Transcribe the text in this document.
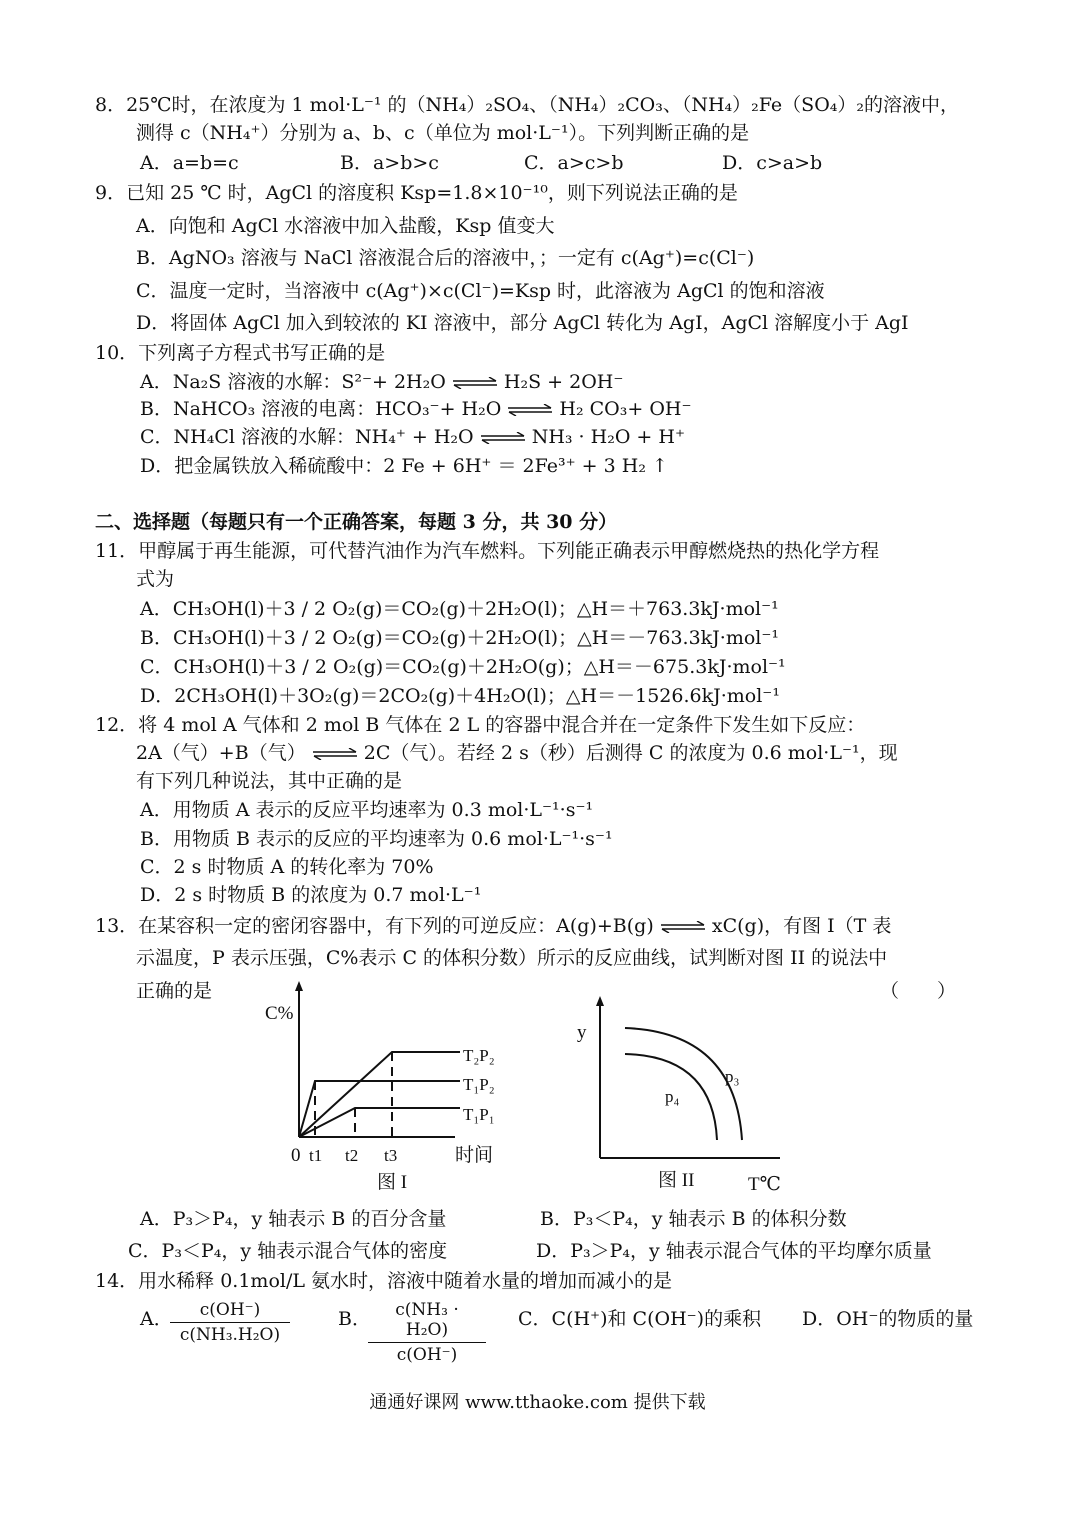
8．25℃时，在浓度为 1 mol·L⁻¹ 的（NH₄）₂SO₄、（NH₄）₂CO₃、（NH₄）₂Fe（SO₄）₂的溶液中，
测得 c（NH₄⁺）分别为 a、b、c（单位为 mol·L⁻¹）。下列判断正确的是
A．a=b=c	B．a>b>c	C．a>c>b	D．c>a>b
9．已知 25 ℃ 时，AgCl 的溶度积 Ksp=1.8×10⁻¹⁰，则下列说法正确的是
A．向饱和 AgCl 水溶液中加入盐酸，Ksp 值变大
B．AgNO₃ 溶液与 NaCl 溶液混合后的溶液中，；一定有 c(Ag⁺)=c(Cl⁻)
C．温度一定时，当溶液中 c(Ag⁺)×c(Cl⁻)=Ksp 时，此溶液为 AgCl 的饱和溶液
D．将固体 AgCl 加入到较浓的 KI 溶液中，部分 AgCl 转化为 AgI，AgCl 溶解度小于 AgI
10．下列离子方程式书写正确的是
A．Na₂S 溶液的水解：S²⁻+ 2H₂O ⇌ H₂S + 2OH⁻
B．NaHCO₃ 溶液的电离：HCO₃⁻+ H₂O ⇌ H₂ CO₃+ OH⁻
C．NH₄Cl 溶液的水解：NH₄⁺ + H₂O ⇌ NH₃ · H₂O + H⁺
D．把金属铁放入稀硫酸中：2 Fe + 6H⁺ ＝ 2Fe³⁺ + 3 H₂ ↑
二、选择题（每题只有一个正确答案，每题 3 分，共 30 分）
11．甲醇属于再生能源，可代替汽油作为汽车燃料。下列能正确表示甲醇燃烧热的热化学方程
式为
A．CH₃OH(l)＋3 / 2 O₂(g)＝CO₂(g)＋2H₂O(l)；△H＝＋763.3kJ·mol⁻¹
B．CH₃OH(l)＋3 / 2 O₂(g)＝CO₂(g)＋2H₂O(l)；△H＝－763.3kJ·mol⁻¹
C．CH₃OH(l)＋3 / 2 O₂(g)＝CO₂(g)＋2H₂O(g)；△H＝－675.3kJ·mol⁻¹
D．2CH₃OH(l)＋3O₂(g)＝2CO₂(g)＋4H₂O(l)；△H＝－1526.6kJ·mol⁻¹
12．将 4 mol A 气体和 2 mol B 气体在 2 L 的容器中混合并在一定条件下发生如下反应：
2A（气）+B（气） ⇌ 2C（气）。若经 2 s（秒）后测得 C 的浓度为 0.6 mol·L⁻¹，现
有下列几种说法，其中正确的是
A．用物质 A 表示的反应平均速率为 0.3 mol·L⁻¹·s⁻¹
B．用物质 B 表示的反应的平均速率为 0.6 mol·L⁻¹·s⁻¹
C．2 s 时物质 A 的转化率为 70%
D．2 s 时物质 B 的浓度为 0.7 mol·L⁻¹
13．在某容积一定的密闭容器中，有下列的可逆反应：A(g)+B(g) ⇌ xC(g)，有图 I（T 表
示温度，P 表示压强，C%表示 C 的体积分数）所示的反应曲线，试判断对图 II 的说法中
正确的是	（　　）
C%
0 t1 t2 t3	时间
T₂P₂
T₁P₂
T₁P₁
图 I
y
p₃
p₄
图 II	T℃
A．P₃＞P₄，y 轴表示 B 的百分含量	B．P₃＜P₄，y 轴表示 B 的体积分数
C．P₃＜P₄，y 轴表示混合气体的密度	D．P₃＞P₄，y 轴表示混合气体的平均摩尔质量
14．用水稀释 0.1mol/L 氨水时，溶液中随着水量的增加而减小的是
A．
$\frac{c(OH^-)}{\text{c(NH₃.H₂O)}}$	B．
$\frac{\text{c(NH₃ · H₂O)}}{c(OH^-)}$ C．C(H⁺)和 C(OH⁻)的乘积 D．OH⁻的物质的量
通通好课网 www.tthaoke.com 提供下载
